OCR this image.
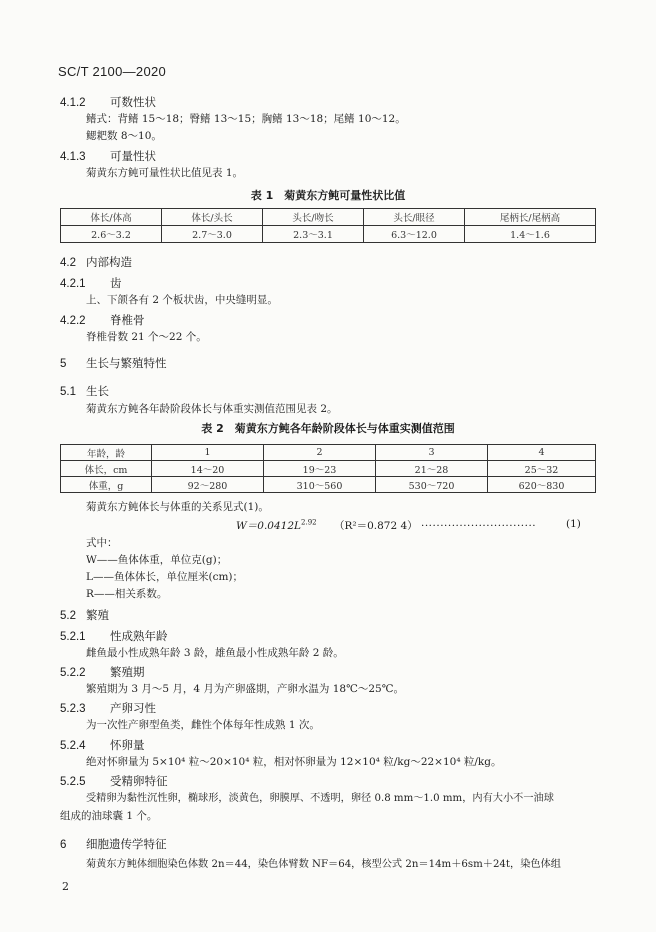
SC/T 2100—2020
4.1.2 可数性状
鳍式：背鳍 15～18；臀鳍 13～15；胸鳍 13～18；尾鳍 10～12。
鳃耙数 8～10。
4.1.3 可量性状
菊黄东方鲀可量性状比值见表 1。
表 1　菊黄东方鲀可量性状比值
体长/体高	体长/头长	头长/吻长	头长/眼径	尾柄长/尾柄高
2.6～3.2	2.7～3.0	2.3～3.1	6.3～12.0	1.4～1.6
4.2 内部构造
4.2.1 齿
上、下颌各有 2 个板状齿，中央缝明显。
4.2.2 脊椎骨
脊椎骨数 21 个～22 个。
5 生长与繁殖特性
5.1 生长
菊黄东方鲀各年龄阶段体长与体重实测值范围见表 2。
表 2　菊黄东方鲀各年龄阶段体长与体重实测值范围
年龄，龄	1	2	3	4
体长，cm	14～20	19～23	21～28	25～32
体重，g	92～280	310～560	530～720	620～830
菊黄东方鲀体长与体重的关系见式(1)。
$W=0.0412L^{2.92}$ （R²＝0.872 4） ······························	(1)
式中：
W——鱼体体重，单位克(g)；
L——鱼体体长，单位厘米(cm)；
R——相关系数。
5.2 繁殖
5.2.1 性成熟年龄
雌鱼最小性成熟年龄 3 龄，雄鱼最小性成熟年龄 2 龄。
5.2.2 繁殖期
繁殖期为 3 月～5 月，4 月为产卵盛期，产卵水温为 18℃～25℃。
5.2.3 产卵习性
为一次性产卵型鱼类，雌性个体每年性成熟 1 次。
5.2.4 怀卵量
绝对怀卵量为 5×10⁴ 粒～20×10⁴ 粒，相对怀卵量为 12×10⁴ 粒/kg～22×10⁴ 粒/kg。
5.2.5 受精卵特征
受精卵为黏性沉性卵，椭球形，淡黄色，卵膜厚、不透明，卵径 0.8 mm～1.0 mm，内有大小不一油球
组成的油球囊 1 个。
6 细胞遗传学特征
菊黄东方鲀体细胞染色体数 2n＝44，染色体臂数 NF＝64，核型公式 2n＝14m＋6sm＋24t，染色体组
2
